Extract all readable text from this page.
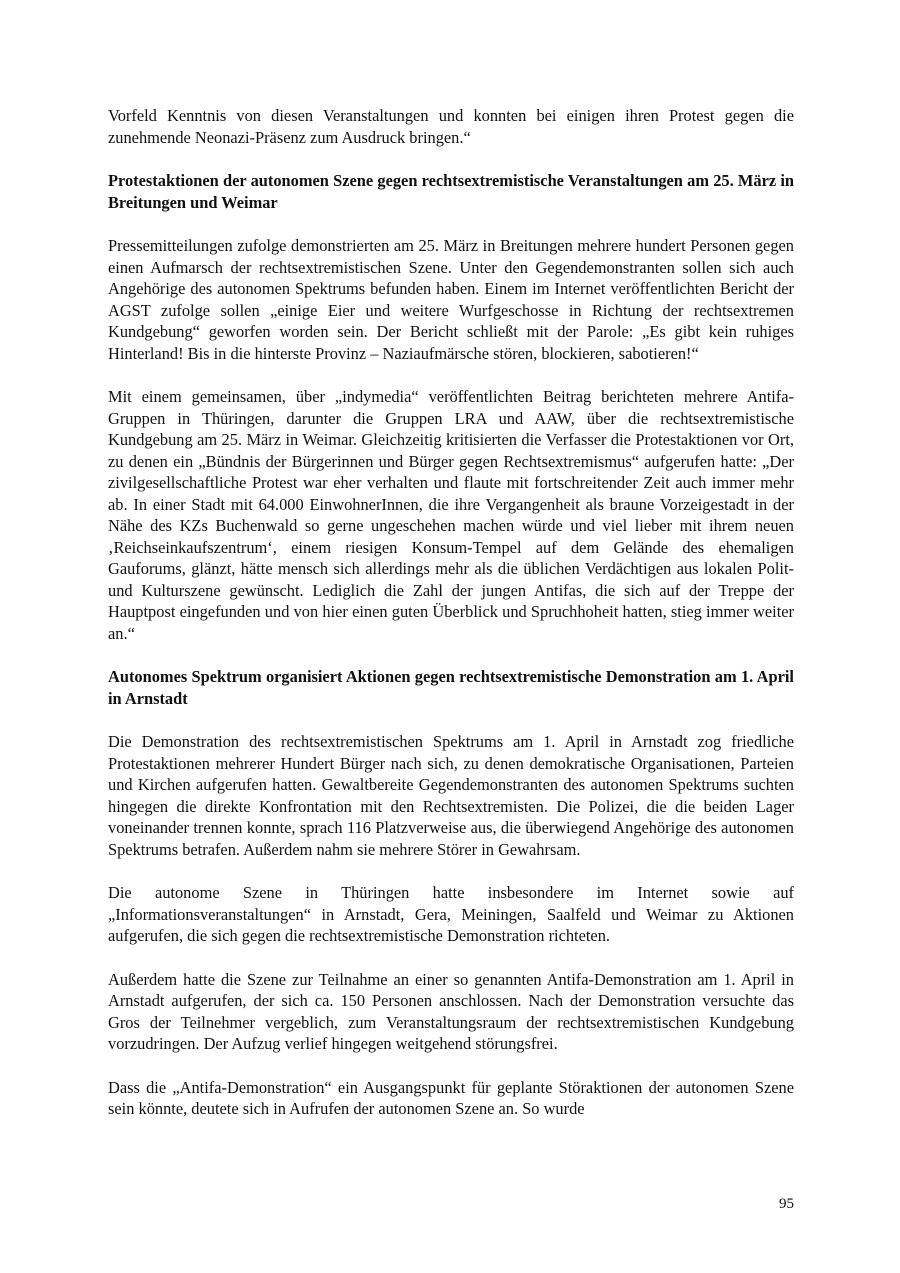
Vorfeld Kenntnis von diesen Veranstaltungen und konnten bei einigen ihren Protest gegen die zunehmende Neonazi-Präsenz zum Ausdruck bringen.“

Protestaktionen der autonomen Szene gegen rechtsextremistische Veranstaltungen am 25. März in Breitungen und Weimar

Pressemitteilungen zufolge demonstrierten am 25. März in Breitungen mehrere hundert Personen gegen einen Aufmarsch der rechtsextremistischen Szene. Unter den Gegendemonstranten sollen sich auch Angehörige des autonomen Spektrums befunden haben. Einem im Internet veröffentlichten Bericht der AGST zufolge sollen „einige Eier und weitere Wurfgeschosse in Richtung der rechtsextremen Kundgebung“ geworfen worden sein. Der Bericht schließt mit der Parole: „Es gibt kein ruhiges Hinterland! Bis in die hinterste Provinz – Naziaufmärsche stören, blockieren, sabotieren!“

Mit einem gemeinsamen, über „indymedia“ veröffentlichten Beitrag berichteten mehrere Antifa-Gruppen in Thüringen, darunter die Gruppen LRA und AAW, über die rechtsextremistische Kundgebung am 25. März in Weimar. Gleichzeitig kritisierten die Verfasser die Protestaktionen vor Ort, zu denen ein „Bündnis der Bürgerinnen und Bürger gegen Rechtsextremismus“ aufgerufen hatte: „Der zivilgesellschaftliche Protest war eher verhalten und flaute mit fortschreitender Zeit auch immer mehr ab. In einer Stadt mit 64.000 EinwohnerInnen, die ihre Vergangenheit als braune Vorzeigestadt in der Nähe des KZs Buchenwald so gerne ungeschehen machen würde und viel lieber mit ihrem neuen ‚Reichseinkaufszentrum‘, einem riesigen Konsum-Tempel auf dem Gelände des ehemaligen Gauforums, glänzt, hätte mensch sich allerdings mehr als die üblichen Verdächtigen aus lokalen Polit- und Kulturszene gewünscht. Lediglich die Zahl der jungen Antifas, die sich auf der Treppe der Hauptpost eingefunden und von hier einen guten Überblick und Spruchhoheit hatten, stieg immer weiter an.“

Autonomes Spektrum organisiert Aktionen gegen rechtsextremistische Demonstration am 1. April in Arnstadt

Die Demonstration des rechtsextremistischen Spektrums am 1. April in Arnstadt zog friedliche Protestaktionen mehrerer Hundert Bürger nach sich, zu denen demokratische Organisationen, Parteien und Kirchen aufgerufen hatten. Gewaltbereite Gegendemonstranten des autonomen Spektrums suchten hingegen die direkte Konfrontation mit den Rechtsextremisten. Die Polizei, die die beiden Lager voneinander trennen konnte, sprach 116 Platzverweise aus, die überwiegend Angehörige des autonomen Spektrums betrafen. Außerdem nahm sie mehrere Störer in Gewahrsam.

Die autonome Szene in Thüringen hatte insbesondere im Internet sowie auf „Informationsveranstaltungen“ in Arnstadt, Gera, Meiningen, Saalfeld und Weimar zu Aktionen aufgerufen, die sich gegen die rechtsextremistische Demonstration richteten.

Außerdem hatte die Szene zur Teilnahme an einer so genannten Antifa-Demonstration am 1. April in Arnstadt aufgerufen, der sich ca. 150 Personen anschlossen. Nach der Demonstration versuchte das Gros der Teilnehmer vergeblich, zum Veranstaltungsraum der rechtsextremistischen Kundgebung vorzudringen. Der Aufzug verlief hingegen weitgehend störungsfrei.

Dass die „Antifa-Demonstration“ ein Ausgangspunkt für geplante Störaktionen der autonomen Szene sein könnte, deutete sich in Aufrufen der autonomen Szene an. So wurde

95
